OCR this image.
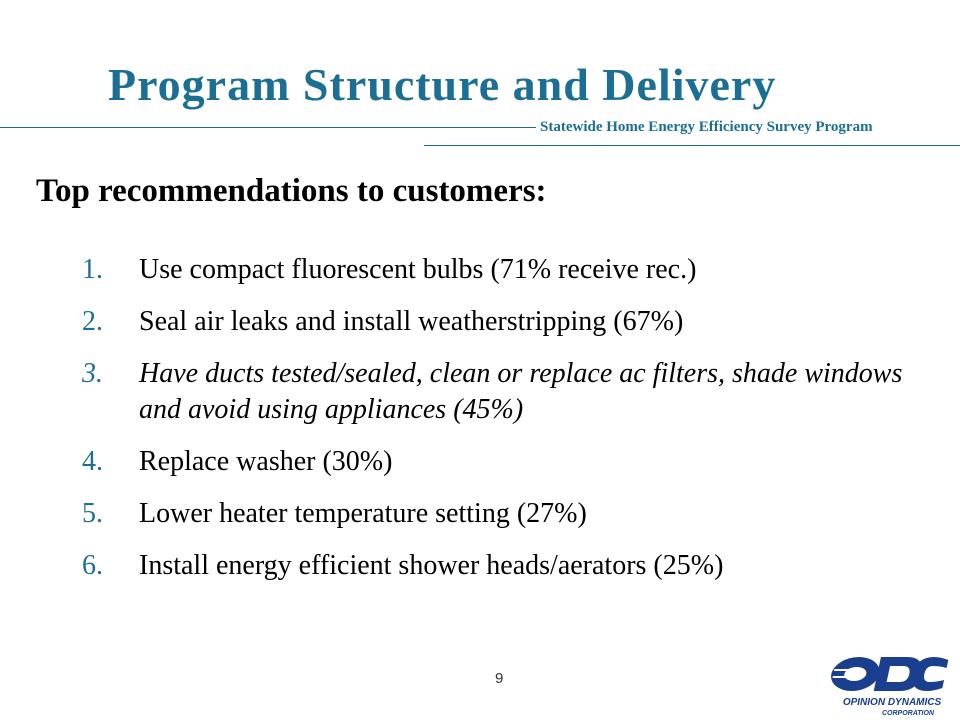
Program Structure and Delivery
Statewide Home Energy Efficiency Survey Program
Top recommendations to customers:
1.	Use compact fluorescent bulbs (71% receive rec.)
2.	Seal air leaks and install weatherstripping (67%)
3.	Have ducts tested/sealed, clean or replace ac filters, shade windows and avoid using appliances (45%)
4.	Replace washer (30%)
5.	Lower heater temperature setting (27%)
6.	Install energy efficient shower heads/aerators (25%)
9
OPINION DYNAMICS
CORPORATION
